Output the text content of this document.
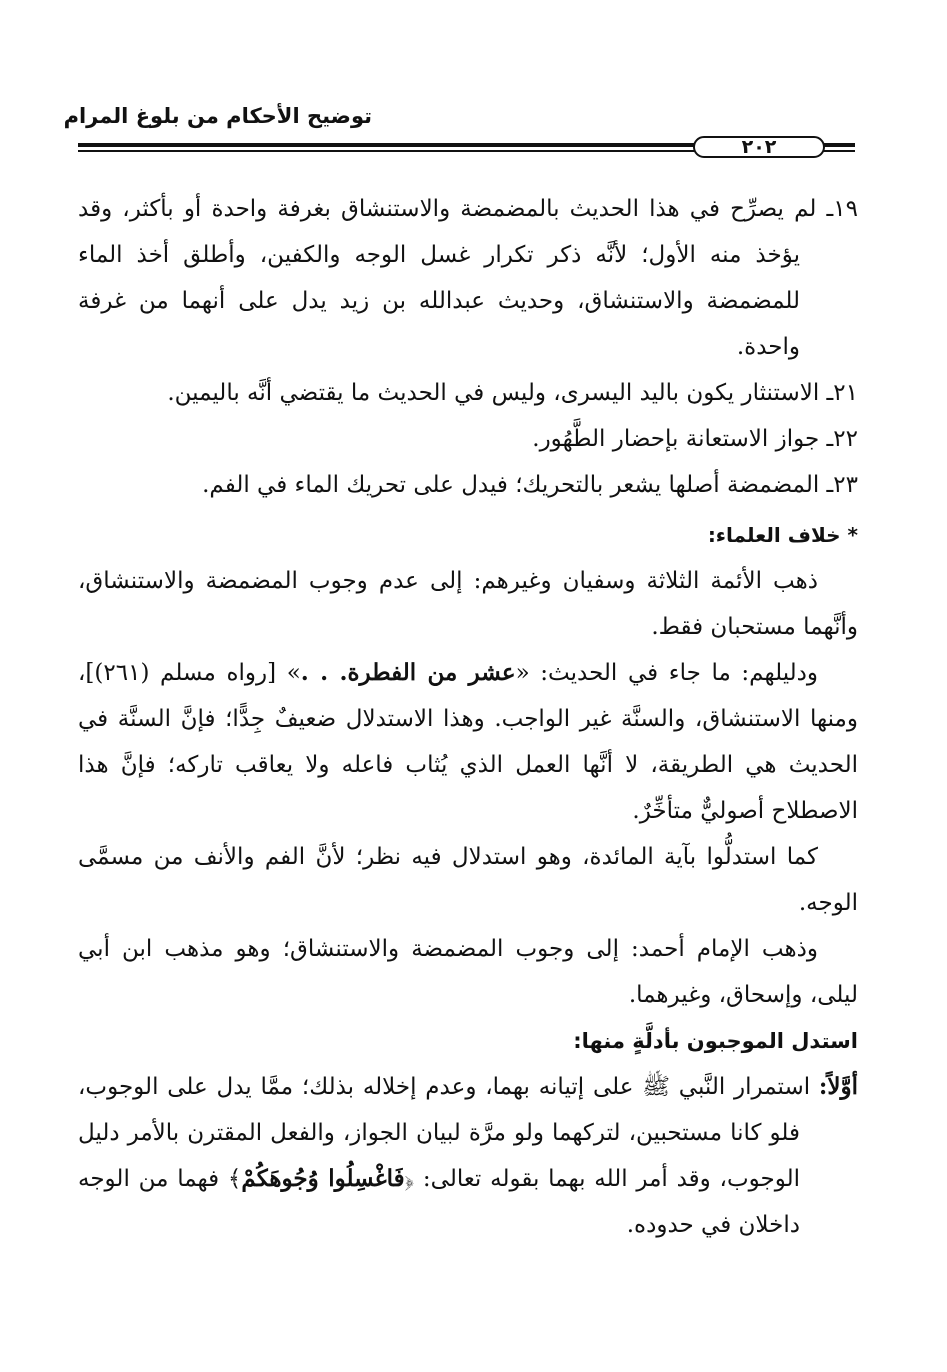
توضيح الأحكام من بلوغ المرام
٢٠٢

١٩ـ لم يصرِّح في هذا الحديث بالمضمضة والاستنشاق بغرفة واحدة أو بأكثر، وقد يؤخذ منه الأول؛ لأنَّه ذكر تكرار غسل الوجه والكفين، وأطلق أخذ الماء للمضمضة والاستنشاق، وحديث عبدالله بن زيد يدل على أنهما من غرفة واحدة.

٢١ـ الاستنثار يكون باليد اليسرى، وليس في الحديث ما يقتضي أنَّه باليمين.

٢٢ـ جواز الاستعانة بإحضار الطَّهُور.

٢٣ـ المضمضة أصلها يشعر بالتحريك؛ فيدل على تحريك الماء في الفم.

* خلاف العلماء:

ذهب الأئمة الثلاثة وسفيان وغيرهم: إلى عدم وجوب المضمضة والاستنشاق، وأنَّهما مستحبان فقط.

ودليلهم: ما جاء في الحديث: «عشر من الفطرة. . .» [رواه مسلم (٢٦١)]، ومنها الاستنشاق، والسنَّة غير الواجب. وهذا الاستدلال ضعيفٌ جِدًّا؛ فإنَّ السنَّة في الحديث هي الطريقة، لا أنَّها العمل الذي يُثاب فاعله ولا يعاقب تاركه؛ فإنَّ هذا الاصطلاح أصوليٌّ متأخِّرٌ.

كما استدلُّوا بآية المائدة، وهو استدلال فيه نظر؛ لأنَّ الفم والأنف من مسمَّى الوجه.

وذهب الإمام أحمد: إلى وجوب المضمضة والاستنشاق؛ وهو مذهب ابن أبي ليلى، وإسحاق، وغيرهما.

استدل الموجبون بأدلَّةٍ منها:

أوَّلاً: استمرار النَّبي ﷺ على إتيانه بهما، وعدم إخلاله بذلك؛ ممَّا يدل على الوجوب، فلو كانا مستحبين، لتركهما ولو مرَّة لبيان الجواز، والفعل المقترن بالأمر دليل الوجوب، وقد أمر الله بهما بقوله تعالى: ﴿فَاغْسِلُوا وُجُوهَكُمْ﴾ فهما من الوجه داخلان في حدوده.
